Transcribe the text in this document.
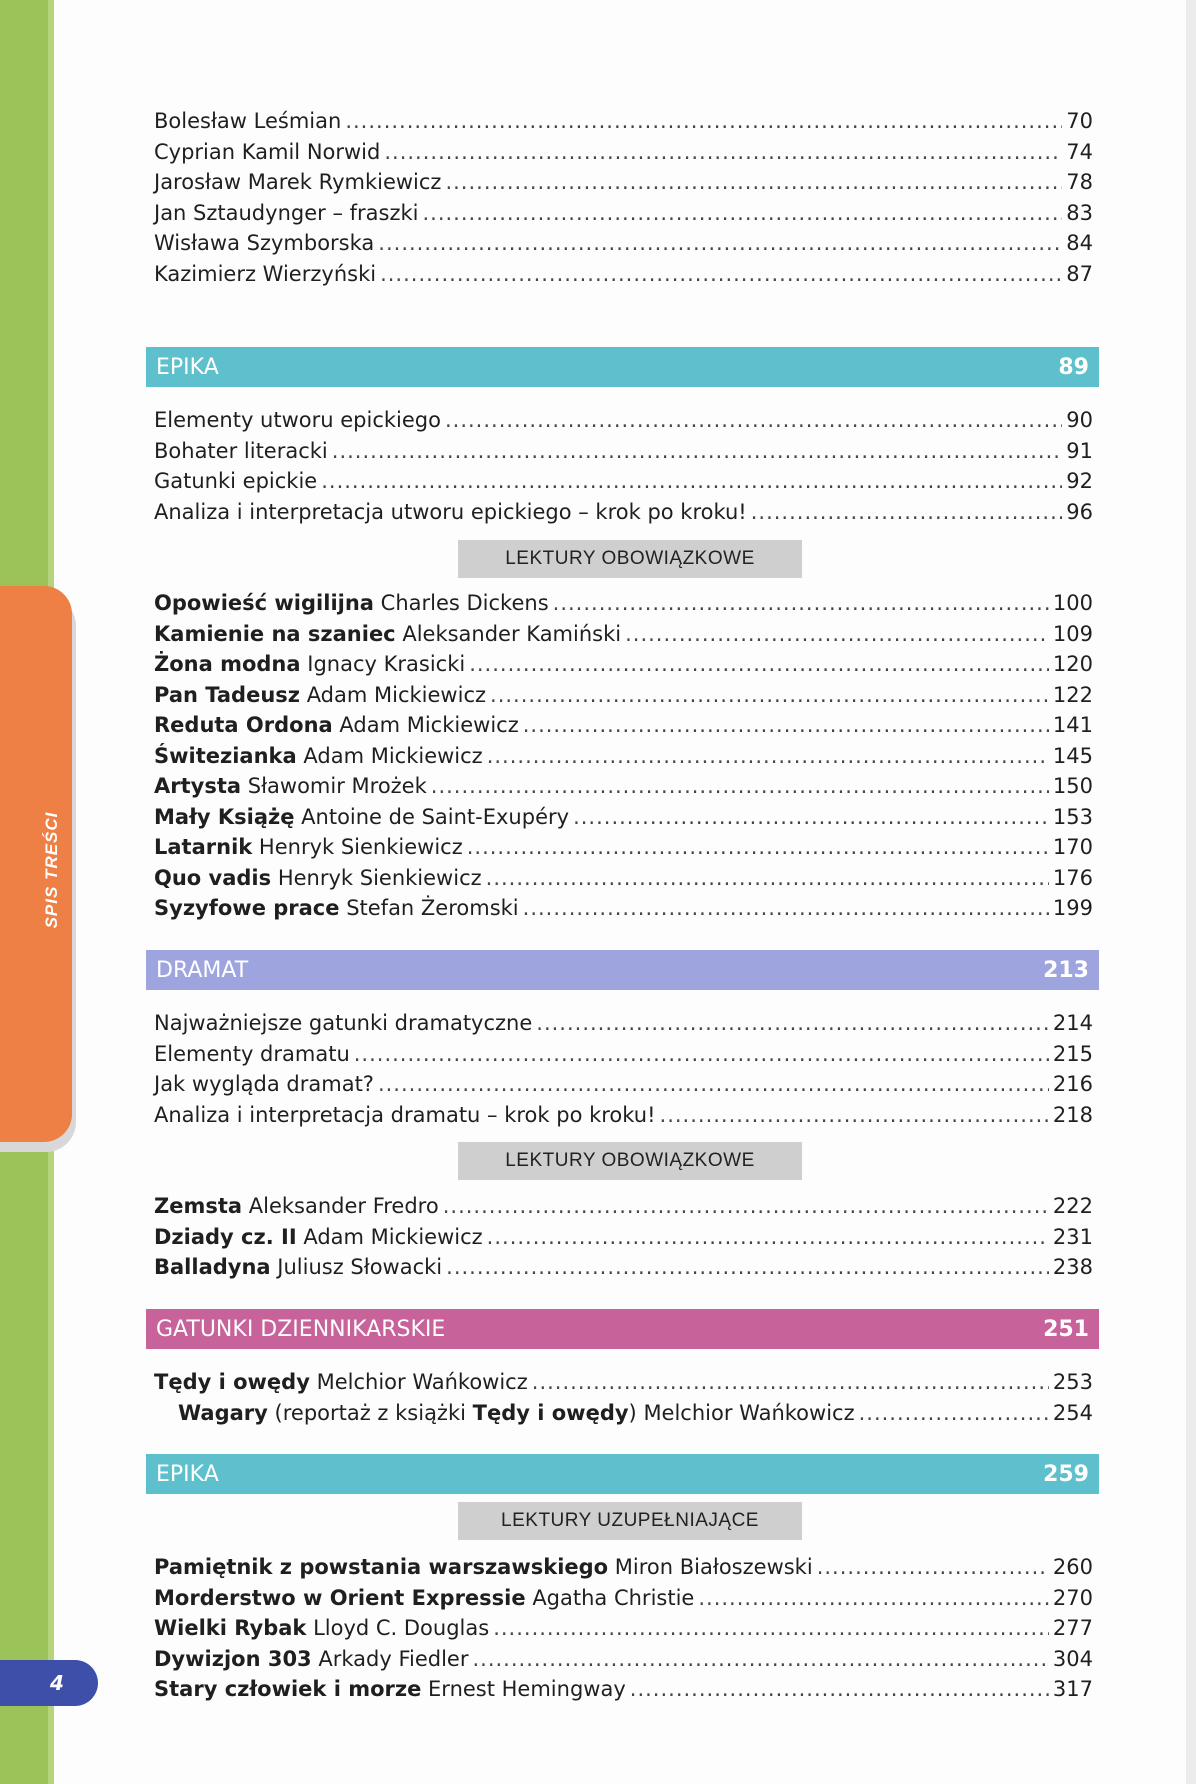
SPIS TREŚCI
4
Bolesław Leśmian .....	70
Cyprian Kamil Norwid .....	74
Jarosław Marek Rymkiewicz .....	78
Jan Sztaudynger – fraszki .....	83
Wisława Szymborska .....	84
Kazimierz Wierzyński .....	87
EPIKA	89
Elementy utworu epickiego .....	90
Bohater literacki .....	91
Gatunki epickie .....	92
Analiza i interpretacja utworu epickiego – krok po kroku! .....	96
LEKTURY OBOWIĄZKOWE
Opowieść wigilijna Charles Dickens .....	100
Kamienie na szaniec Aleksander Kamiński .....	109
Żona modna Ignacy Krasicki .....	120
Pan Tadeusz Adam Mickiewicz .....	122
Reduta Ordona Adam Mickiewicz .....	141
Świtezianka Adam Mickiewicz .....	145
Artysta Sławomir Mrożek .....	150
Mały Książę Antoine de Saint-Exupéry .....	153
Latarnik Henryk Sienkiewicz .....	170
Quo vadis Henryk Sienkiewicz .....	176
Syzyfowe prace Stefan Żeromski .....	199
DRAMAT	213
Najważniejsze gatunki dramatyczne .....	214
Elementy dramatu .....	215
Jak wygląda dramat? .....	216
Analiza i interpretacja dramatu – krok po kroku! .....	218
LEKTURY OBOWIĄZKOWE
Zemsta Aleksander Fredro .....	222
Dziady cz. II Adam Mickiewicz .....	231
Balladyna Juliusz Słowacki .....	238
GATUNKI DZIENNIKARSKIE	251
Tędy i owędy Melchior Wańkowicz .....	253
Wagary (reportaż z książki Tędy i owędy) Melchior Wańkowicz .....	254
EPIKA	259
LEKTURY UZUPEŁNIAJĄCE
Pamiętnik z powstania warszawskiego Miron Białoszewski .....	260
Morderstwo w Orient Expressie Agatha Christie .....	270
Wielki Rybak Lloyd C. Douglas .....	277
Dywizjon 303 Arkady Fiedler .....	304
Stary człowiek i morze Ernest Hemingway .....	317
